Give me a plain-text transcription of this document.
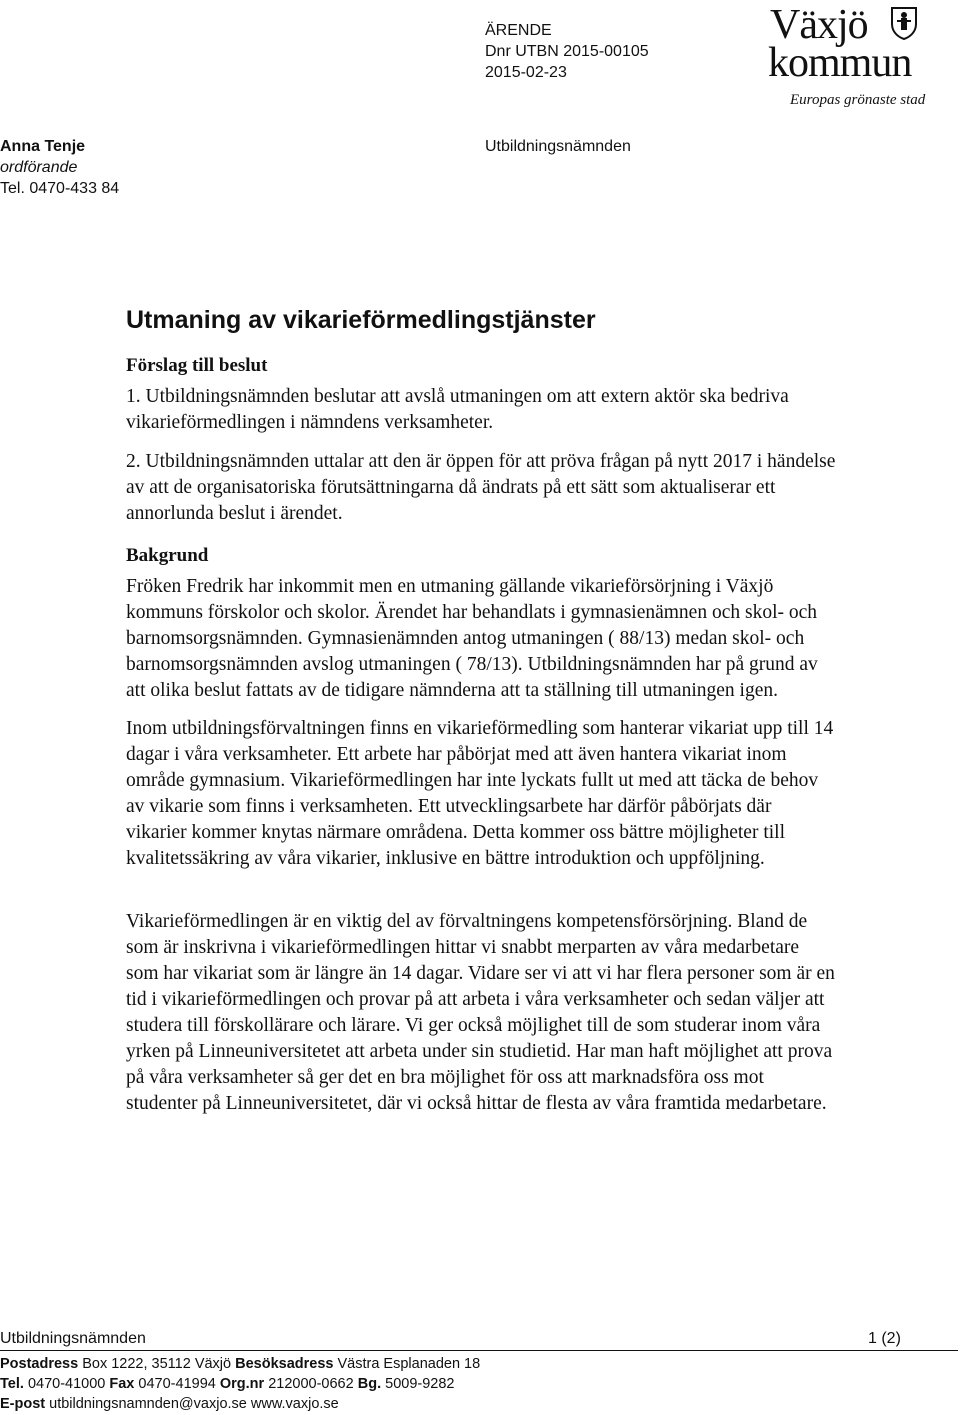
ÄRENDE
Dnr UTBN 2015-00105
2015-02-23
Växjö
kommun
Europas grönaste stad
Anna Tenje
ordförande
Tel. 0470-433 84
Utbildningsnämnden
Utmaning av vikarieförmedlingstjänster
Förslag till beslut

1. Utbildningsnämnden beslutar att avslå utmaningen om att extern aktör ska bedriva vikarieförmedlingen i nämndens verksamheter.

2. Utbildningsnämnden uttalar att den är öppen för att pröva frågan på nytt 2017 i händelse av att de organisatoriska förutsättningarna då ändrats på ett sätt som aktualiserar ett annorlunda beslut i ärendet.

Bakgrund

Fröken Fredrik har inkommit men en utmaning gällande vikarieförsörjning i Växjö kommuns förskolor och skolor. Ärendet har behandlats i gymnasienämnen och skol- och barnomsorgsnämnden. Gymnasienämnden antog utmaningen ( 88/13) medan skol- och barnomsorgsnämnden avslog utmaningen ( 78/13). Utbildningsnämnden har på grund av att olika beslut fattats av de tidigare nämnderna att ta ställning till utmaningen igen.

Inom utbildningsförvaltningen finns en vikarieförmedling som hanterar vikariat upp till 14 dagar i våra verksamheter. Ett arbete har påbörjat med att även hantera vikariat inom område gymnasium. Vikarieförmedlingen har inte lyckats fullt ut med att täcka de behov av vikarie som finns i verksamheten. Ett utvecklingsarbete har därför påbörjats där vikarier kommer knytas närmare områdena. Detta kommer oss bättre möjligheter till kvalitetssäkring av våra vikarier, inklusive en bättre introduktion och uppföljning.

Vikarieförmedlingen är en viktig del av förvaltningens kompetensförsörjning. Bland de som är inskrivna i vikarieförmedlingen hittar vi snabbt merparten av våra medarbetare som har vikariat som är längre än 14 dagar. Vidare ser vi att vi har flera personer som är en tid i vikarieförmedlingen och provar på att arbeta i våra verksamheter och sedan väljer att studera till förskollärare och lärare. Vi ger också möjlighet till de som studerar inom våra yrken på Linneuniversitetet att arbeta under sin studietid. Har man haft möjlighet att prova på våra verksamheter så ger det en bra möjlighet för oss att marknadsföra oss mot studenter på Linneuniversitetet, där vi också hittar de flesta av våra framtida medarbetare.

Utbildningsnämnden	1 (2)
Postadress Box 1222, 35112 Växjö Besöksadress Västra Esplanaden 18
Tel. 0470-41000 Fax 0470-41994 Org.nr 212000-0662 Bg. 5009-9282
E-post utbildningsnamnden@vaxjo.se www.vaxjo.se
